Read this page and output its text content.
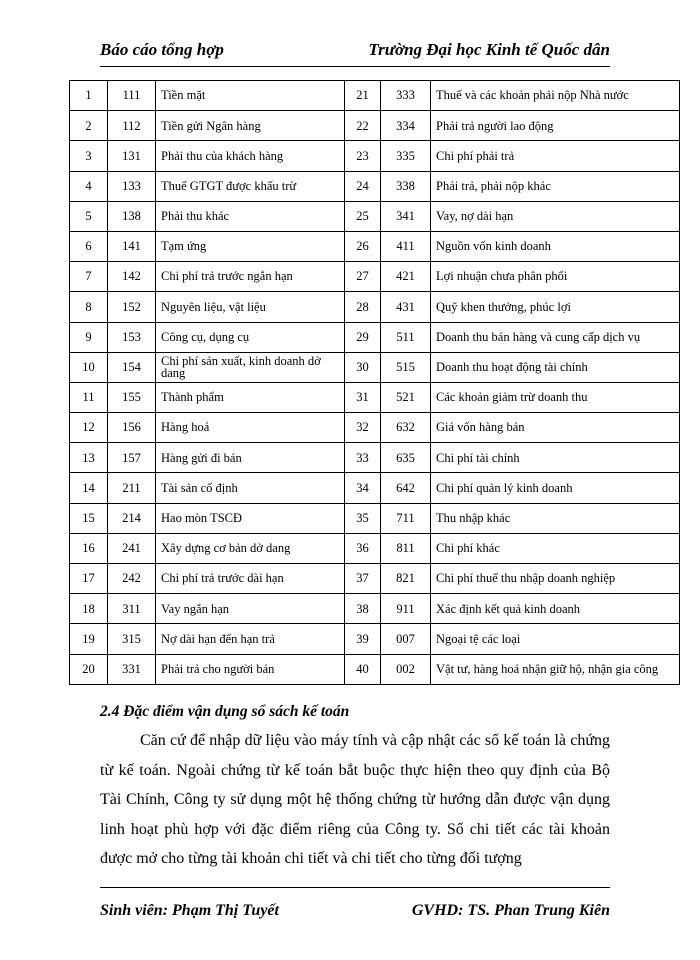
Báo cáo tổng hợp	Trường Đại học Kinh tế Quốc dân
1	111	Tiền mặt	21	333	Thuế và các khoản phải nộp Nhà nước
2	112	Tiền gửi Ngân hàng	22	334	Phải trả người lao động
3	131	Phải thu của khách hàng	23	335	Chi phí phải trả
4	133	Thuế GTGT được khấu trừ	24	338	Phải trả, phải nộp khác
5	138	Phải thu khác	25	341	Vay, nợ dài hạn
6	141	Tạm ứng	26	411	Nguồn vốn kinh doanh
7	142	Chi phí trả trước ngắn hạn	27	421	Lợi nhuận chưa phân phối
8	152	Nguyên liệu, vật liệu	28	431	Quỹ khen thưởng, phúc lợi
9	153	Công cụ, dụng cụ	29	511	Doanh thu bán hàng và cung cấp dịch vụ
10	154	Chi phí sản xuất, kinh doanh dở dang	30	515	Doanh thu hoạt động tài chính
11	155	Thành phẩm	31	521	Các khoản giảm trừ doanh thu
12	156	Hàng hoá	32	632	Giá vốn hàng bán
13	157	Hàng gửi đi bán	33	635	Chi phí tài chính
14	211	Tài sản cố định	34	642	Chi phí quản lý kinh doanh
15	214	Hao mòn TSCĐ	35	711	Thu nhập khác
16	241	Xây dựng cơ bản dở dang	36	811	Chi phí khác
17	242	Chi phí trả trước dài hạn	37	821	Chi phí thuế thu nhập doanh nghiệp
18	311	Vay ngắn hạn	38	911	Xác định kết quả kinh doanh
19	315	Nợ dài hạn đến hạn trả	39	007	Ngoại tệ các loại
20	331	Phải trả cho người bán	40	002	Vật tư, hàng hoá nhận giữ hộ, nhận gia công
2.4 Đặc điểm vận dụng sổ sách kế toán
Căn cứ để nhập dữ liệu vào máy tính và cập nhật các sổ kế toán là chứng từ kế toán. Ngoài chứng từ kế toán bắt buộc thực hiện theo quy định của Bộ Tài Chính, Công ty sử dụng một hệ thống chứng từ hướng dẫn được vận dụng linh hoạt phù hợp với đặc điểm riêng của Công ty. Sổ chi tiết các tài khoản được mở cho từng tài khoản chi tiết và chi tiết cho từng đối tượng
Sinh viên: Phạm Thị Tuyết	GVHD: TS. Phan Trung Kiên
